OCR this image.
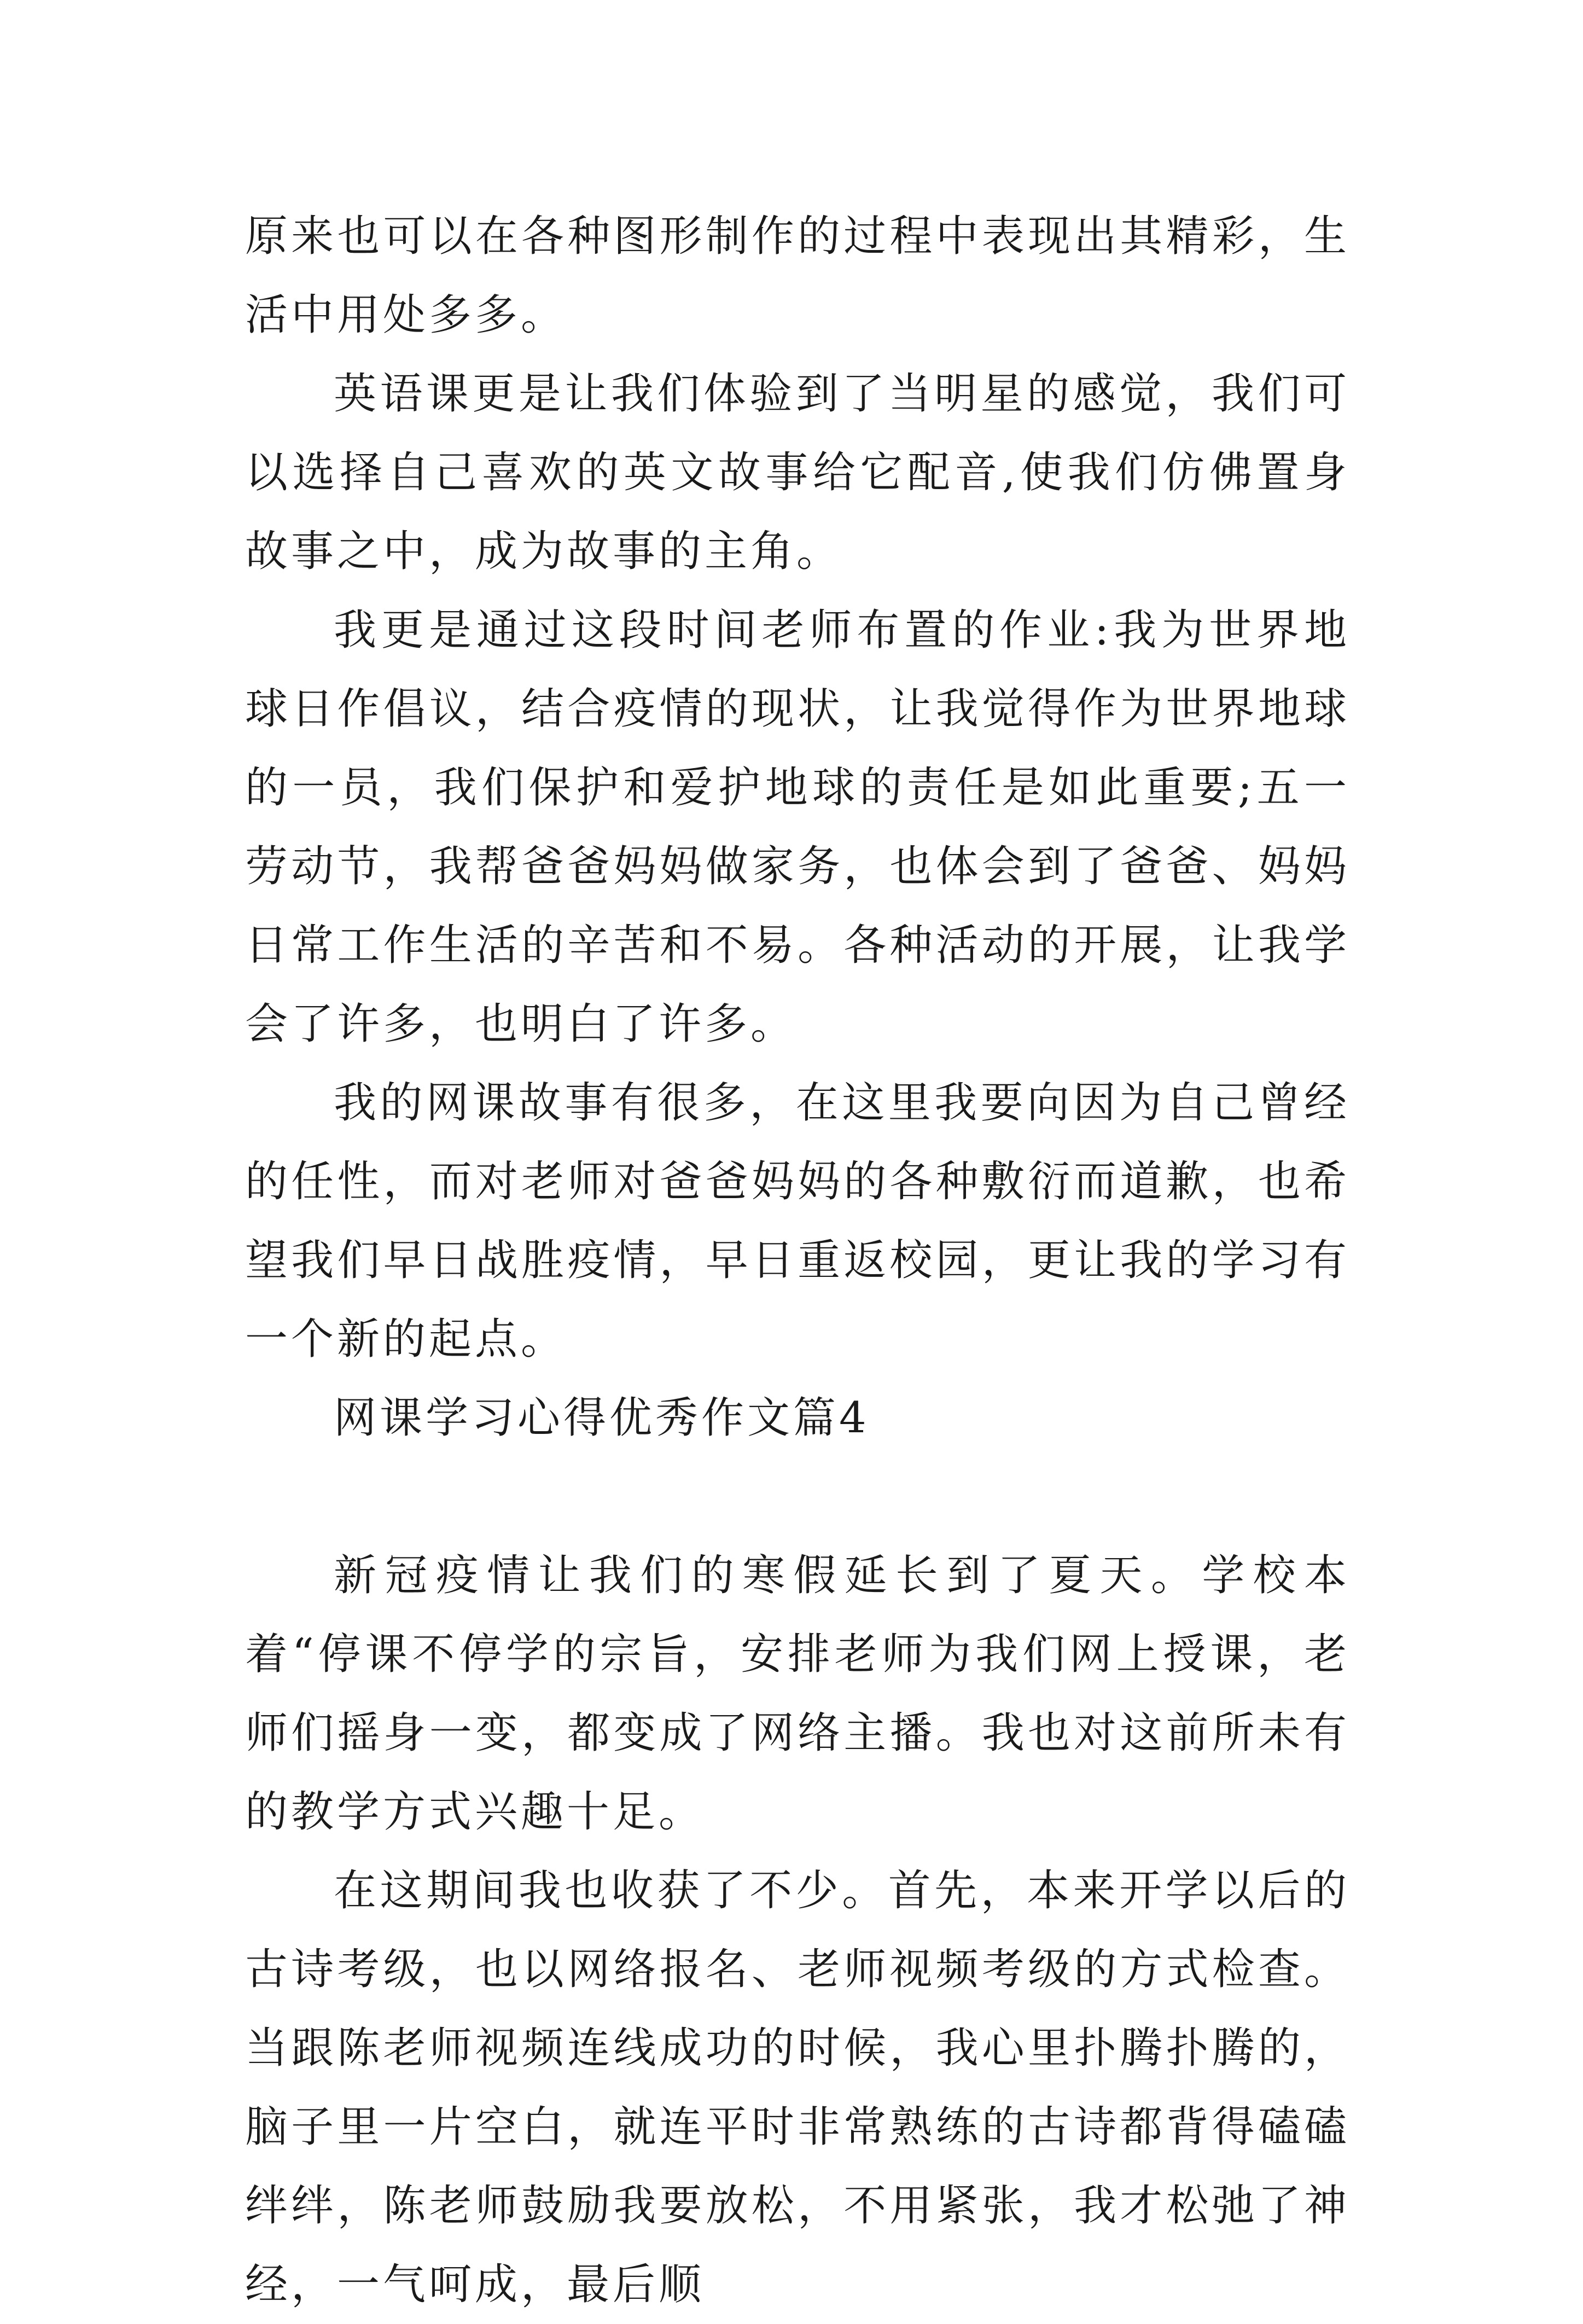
原来也可以在各种图形制作的过程中表现出其精彩，生活中用处多多。

英语课更是让我们体验到了当明星的感觉，我们可以选择自己喜欢的英文故事给它配音,使我们仿佛置身故事之中，成为故事的主角。

我更是通过这段时间老师布置的作业:我为世界地球日作倡议，结合疫情的现状，让我觉得作为世界地球的一员，我们保护和爱护地球的责任是如此重要;五一劳动节，我帮爸爸妈妈做家务，也体会到了爸爸、妈妈日常工作生活的辛苦和不易。各种活动的开展，让我学会了许多，也明白了许多。

我的网课故事有很多，在这里我要向因为自己曾经的任性，而对老师对爸爸妈妈的各种敷衍而道歉，也希望我们早日战胜疫情，早日重返校园，更让我的学习有一个新的起点。

网课学习心得优秀作文篇4

新冠疫情让我们的寒假延长到了夏天。学校本着“停课不停学的宗旨，安排老师为我们网上授课，老师们摇身一变，都变成了网络主播。我也对这前所未有的教学方式兴趣十足。

在这期间我也收获了不少。首先，本来开学以后的古诗考级，也以网络报名、老师视频考级的方式检查。当跟陈老师视频连线成功的时候，我心里扑腾扑腾的，脑子里一片空白，就连平时非常熟练的古诗都背得磕磕绊绊，陈老师鼓励我要放松，不用紧张，我才松弛了神经，一气呵成，最后顺
